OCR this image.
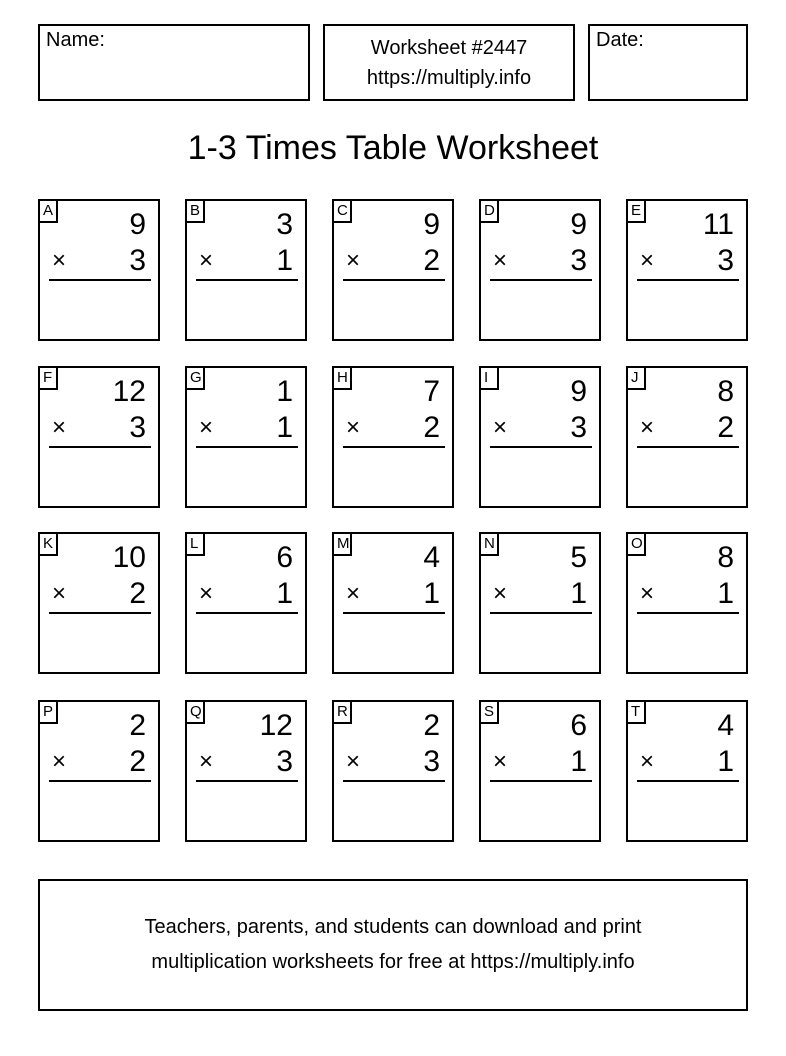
Name:	Worksheet #2447
https://multiply.info
Date:
1-3 Times Table Worksheet
A	9
× 3
B	3
× 1
C	9
× 2
D	9
× 3
E 11
× 3
F 12
× 3
G 1
× 1
H	7
× 2
I	9
× 3
J	8
× 2
K 10
× 2
L	6
× 1
M 4
× 1
N	5
× 1
O 8
× 1
P	2
× 2
Q 12
× 3
R	2
× 3
S	6
× 1
T	4
× 1
Teachers, parents, and students can download and print
multiplication worksheets for free at https://multiply.info
